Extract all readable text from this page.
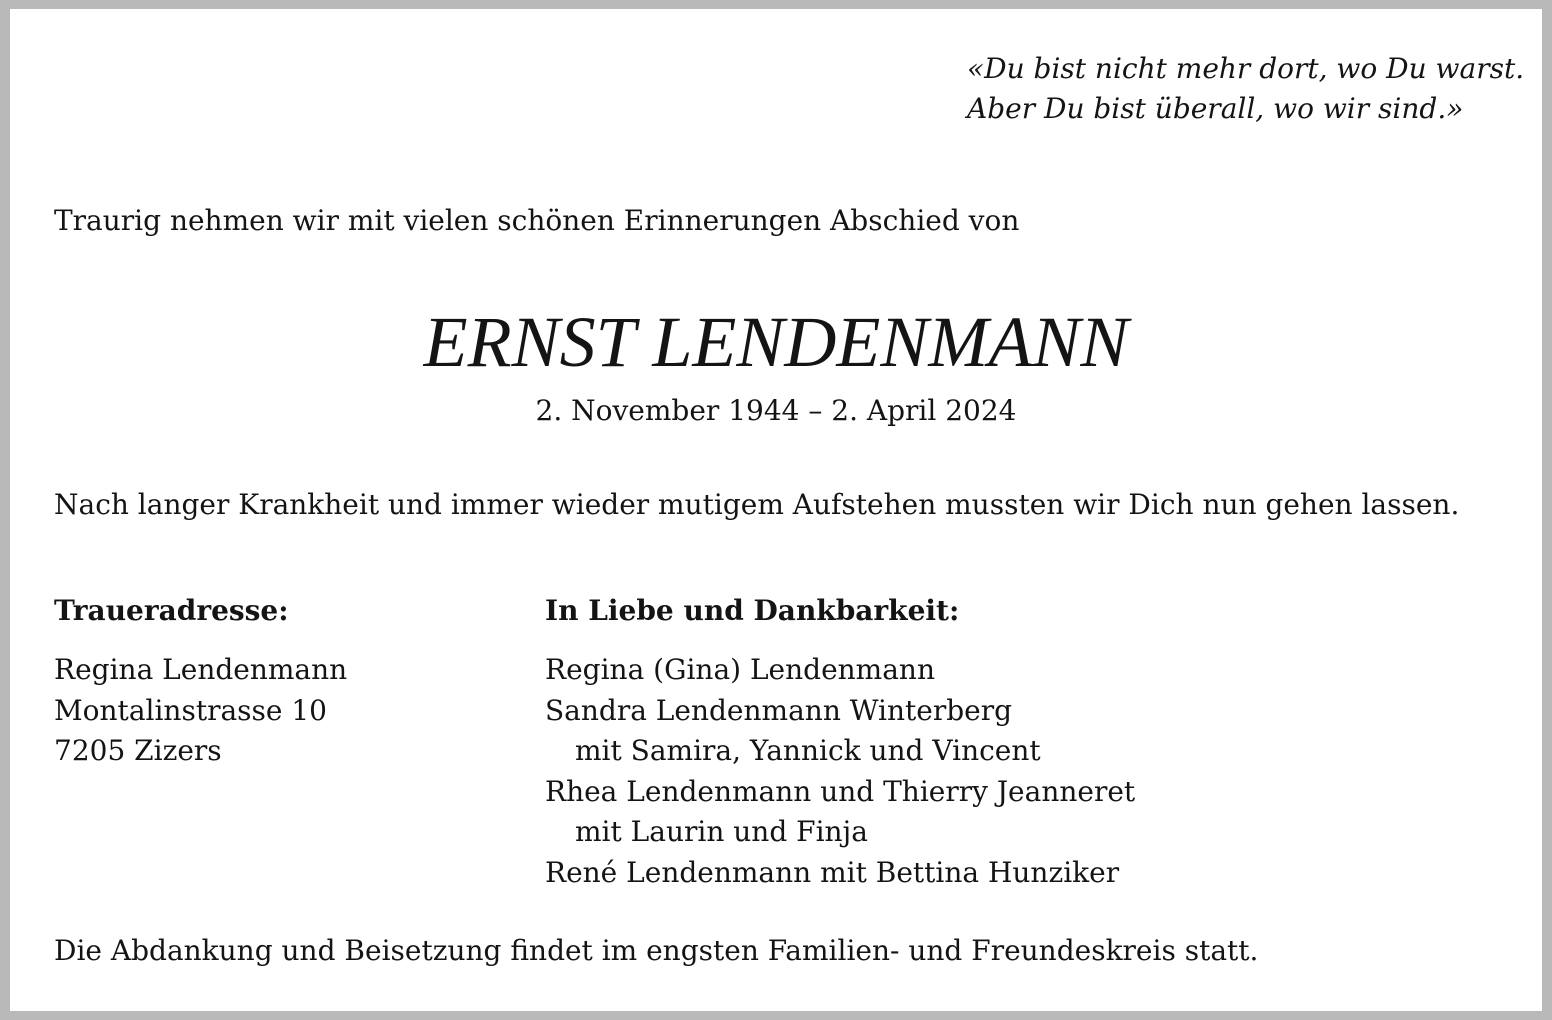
«Du bist nicht mehr dort, wo Du warst.
Aber Du bist überall, wo wir sind.»
Traurig nehmen wir mit vielen schönen Erinnerungen Abschied von
ERNST LENDENMANN
2. November 1944 – 2. April 2024
Nach langer Krankheit und immer wieder mutigem Aufstehen mussten wir Dich nun gehen lassen.
Traueradresse:
Regina Lendenmann
Montalinstrasse 10
7205 Zizers
In Liebe und Dankbarkeit:
Regina (Gina) Lendenmann
Sandra Lendenmann Winterberg
mit Samira, Yannick und Vincent
Rhea Lendenmann und Thierry Jeanneret
mit Laurin und Finja
René Lendenmann mit Bettina Hunziker
Die Abdankung und Beisetzung findet im engsten Familien- und Freundeskreis statt.
